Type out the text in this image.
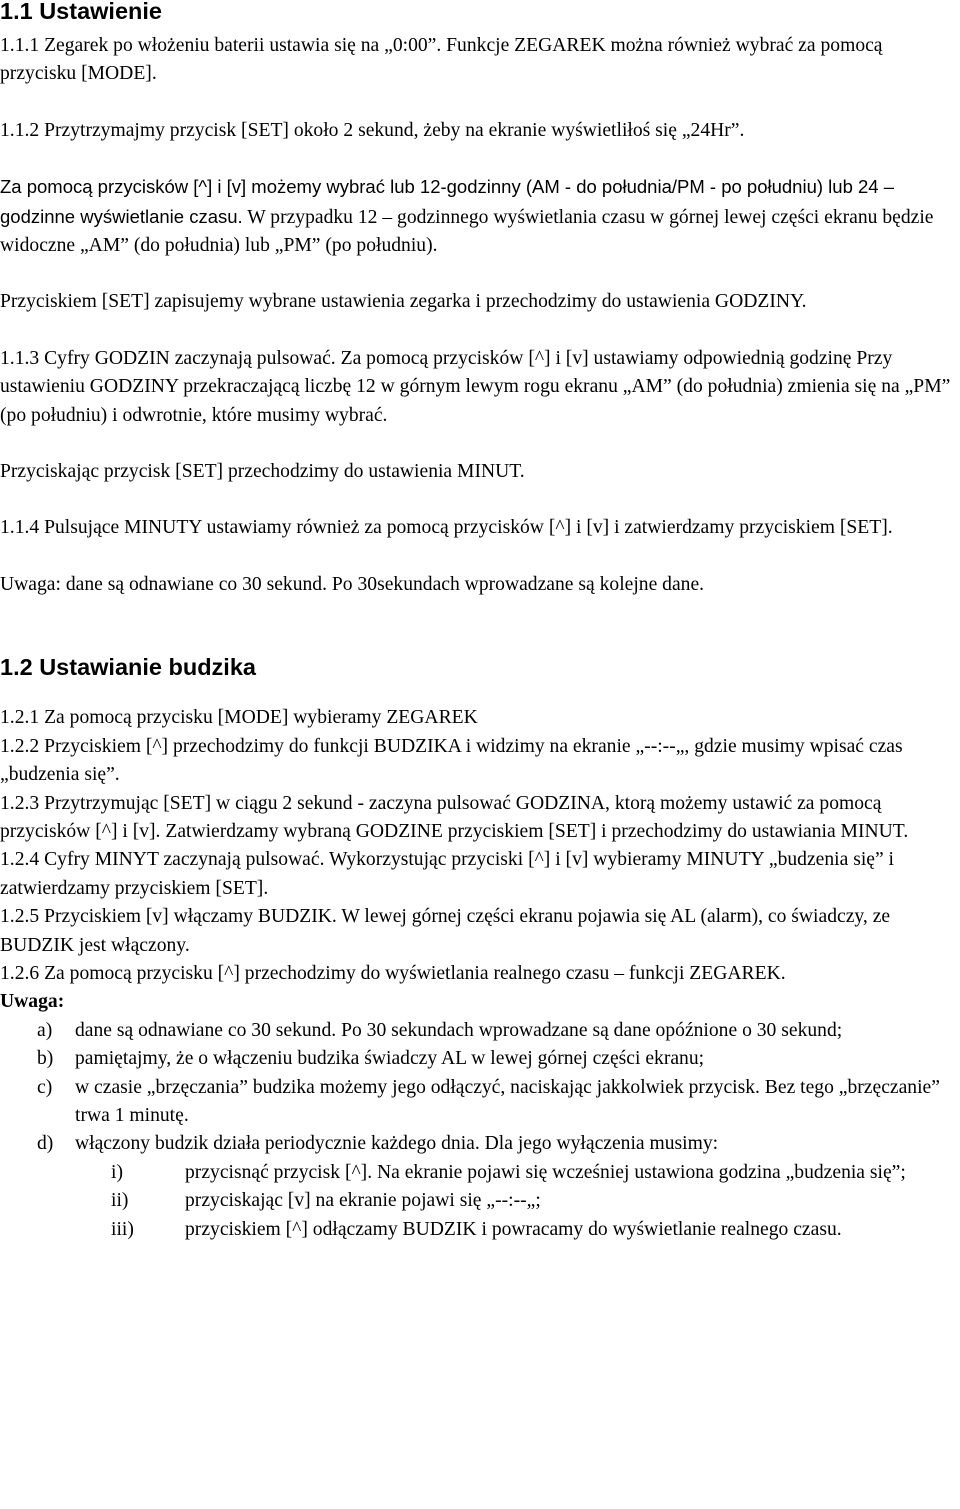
1.1 Ustawienie

1.1.1 Zegarek po włożeniu baterii ustawia się na „0:00”. Funkcje ZEGAREK można również wybrać za pomocą przycisku [MODE].

1.1.2 Przytrzymajmy przycisk [SET] około 2 sekund, żeby na ekranie wyświetliłoś się „24Hr”.

Za pomocą przycisków [^] i [v] możemy wybrać lub 12-godzinny (AM - do południa/PM - po południu) lub 24 – godzinne wyświetlanie czasu. W przypadku 12 – godzinnego wyświetlania czasu w górnej lewej części ekranu będzie widoczne „AM” (do południa) lub „PM” (po południu).

Przyciskiem [SET] zapisujemy wybrane ustawienia zegarka i przechodzimy do ustawienia GODZINY.

1.1.3 Cyfry GODZIN zaczynają pulsować. Za pomocą przycisków [^] i [v] ustawiamy odpowiednią godzinę Przy ustawieniu GODZINY przekraczającą liczbę 12 w górnym lewym rogu ekranu „AM” (do południa) zmienia się na „PM” (po południu) i odwrotnie, które musimy wybrać.

Przyciskając przycisk [SET] przechodzimy do ustawienia MINUT.

1.1.4 Pulsujące MINUTY ustawiamy również za pomocą przycisków [^] i [v] i zatwierdzamy przyciskiem [SET].

Uwaga: dane są odnawiane co 30 sekund. Po 30sekundach wprowadzane są kolejne dane.

1.2 Ustawianie budzika

1.2.1 Za pomocą przycisku [MODE] wybieramy ZEGAREK

1.2.2 Przyciskiem [^] przechodzimy do funkcji BUDZIKA i widzimy na ekranie „--:--„, gdzie musimy wpisać czas „budzenia się”.

1.2.3 Przytrzymując [SET] w ciągu 2 sekund - zaczyna pulsować GODZINA, ktorą możemy ustawić za pomocą przycisków [^] i [v]. Zatwierdzamy wybraną GODZINE przyciskiem [SET] i przechodzimy do ustawiania MINUT.

1.2.4 Cyfry MINYT zaczynają pulsować. Wykorzystując przyciski [^] i [v] wybieramy MINUTY „budzenia się” i zatwierdzamy przyciskiem [SET].

1.2.5 Przyciskiem [v] włączamy BUDZIK. W lewej górnej części ekranu pojawia się AL (alarm), co świadczy, ze BUDZIK jest włączony.

1.2.6 Za pomocą przycisku [^] przechodzimy do wyświetlania realnego czasu – funkcji ZEGAREK.

Uwaga:

a) dane są odnawiane co 30 sekund. Po 30 sekundach wprowadzane są dane opóźnione o 30 sekund;
b) pamiętajmy, że o włączeniu budzika świadczy AL w lewej górnej części ekranu;
c) w czasie „brzęczania” budzika możemy jego odłączyć, naciskając jakkolwiek przycisk. Bez tego „brzęczanie” trwa 1 minutę.
d) włączony budzik działa periodycznie każdego dnia. Dla jego wyłączenia musimy:
i)	przycisnąć przycisk [^]. Na ekranie pojawi się wcześniej ustawiona godzina „budzenia się”;
ii)	przyciskając [v] na ekranie pojawi się „--:--„;
iii)	przyciskiem [^] odłączamy BUDZIK i powracamy do wyświetlanie realnego czasu.
